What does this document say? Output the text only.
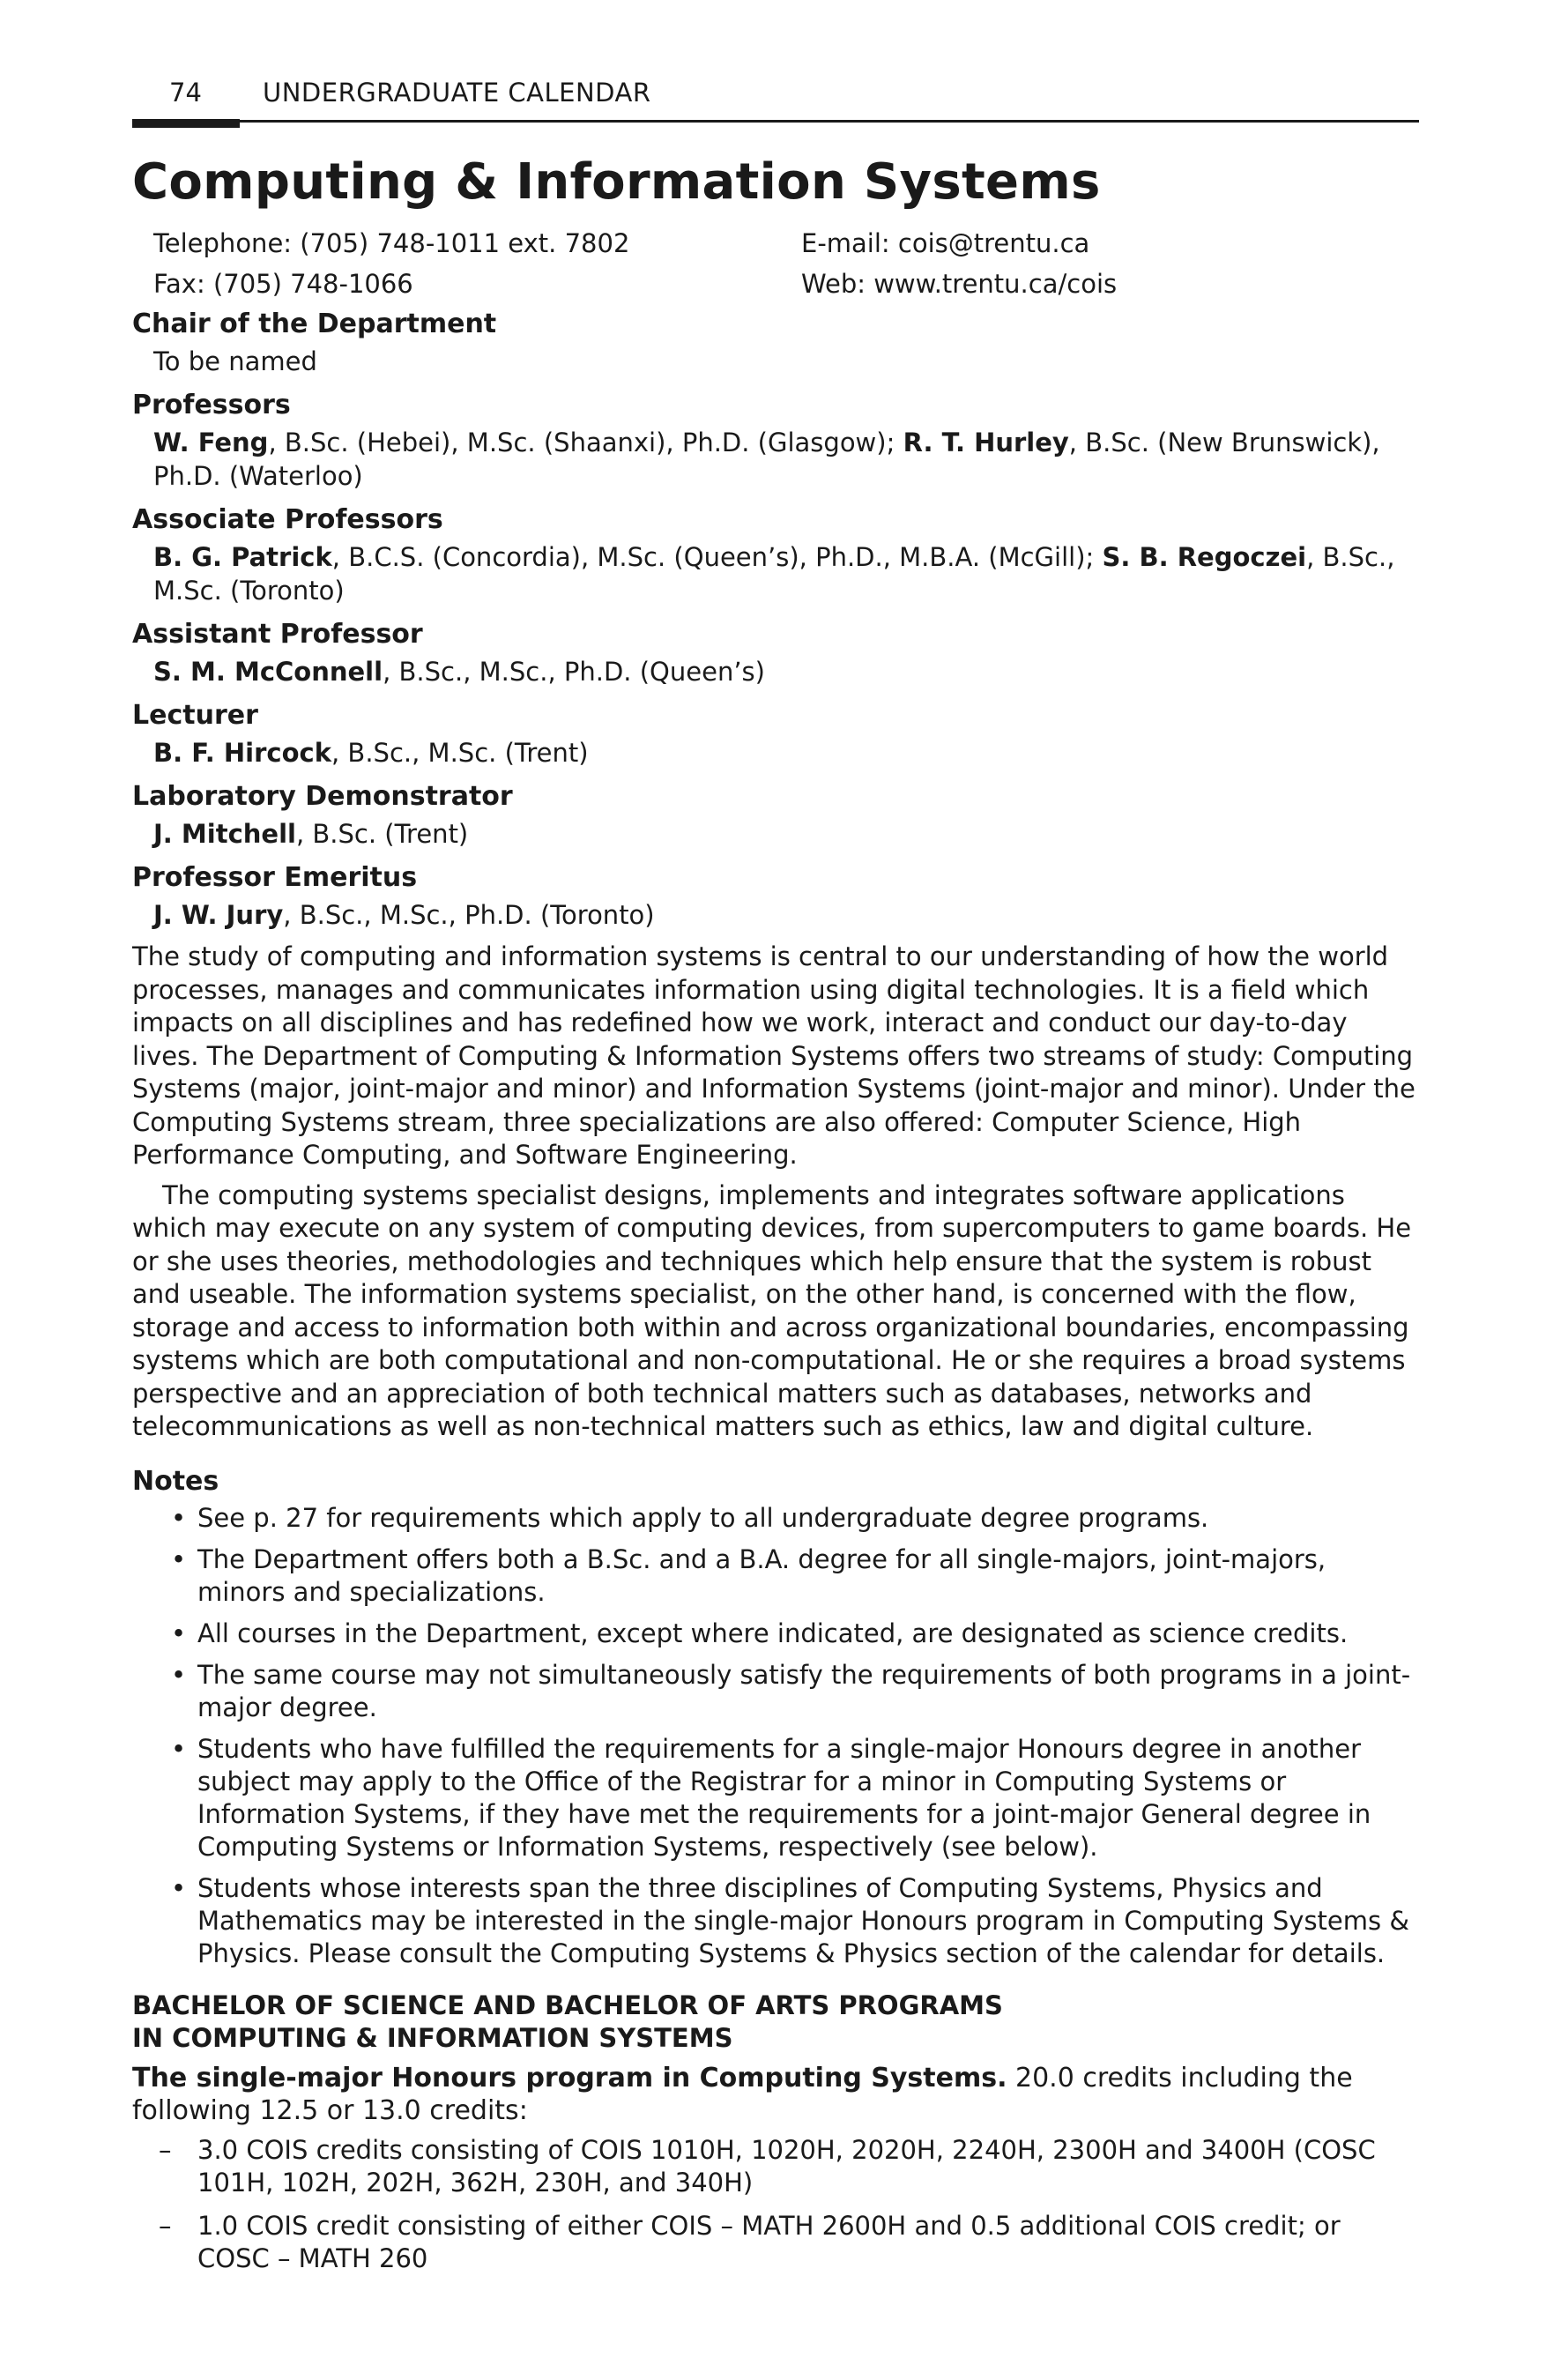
74 UNDERGRADUATE CALENDAR
Computing & Information Systems
Telephone: (705) 748-1011 ext. 7802	E-mail: cois@trentu.ca
Fax: (705) 748-1066	Web: www.trentu.ca/cois
Chair of the Department
To be named
Professors
W. Feng, B.Sc. (Hebei), M.Sc. (Shaanxi), Ph.D. (Glasgow); R. T. Hurley, B.Sc. (New Brunswick), Ph.D. (Waterloo)
Associate Professors
B. G. Patrick, B.C.S. (Concordia), M.Sc. (Queen’s), Ph.D., M.B.A. (McGill); S. B. Regoczei, B.Sc., M.Sc. (Toronto)
Assistant Professor
S. M. McConnell, B.Sc., M.Sc., Ph.D. (Queen’s)
Lecturer
B. F. Hircock, B.Sc., M.Sc. (Trent)
Laboratory Demonstrator
J. Mitchell, B.Sc. (Trent)
Professor Emeritus
J. W. Jury, B.Sc., M.Sc., Ph.D. (Toronto)

The study of computing and information systems is central to our understanding of how the world processes, manages and communicates information using digital technologies. It is a field which impacts on all disciplines and has redefined how we work, interact and conduct our day-to-day lives. The Department of Computing & Information Systems offers two streams of study: Computing Systems (major, joint-major and minor) and Information Systems (joint-major and minor). Under the Computing Systems stream, three specializations are also offered: Computer Science, High Performance Computing, and Software Engineering.

The computing systems specialist designs, implements and integrates software applications which may execute on any system of computing devices, from supercomputers to game boards. He or she uses theories, methodologies and techniques which help ensure that the system is robust and useable. The information systems specialist, on the other hand, is concerned with the flow, storage and access to information both within and across organizational boundaries, encompassing systems which are both computational and non-computational. He or she requires a broad systems perspective and an appreciation of both technical matters such as databases, networks and telecommunications as well as non-technical matters such as ethics, law and digital culture.

Notes
• See p. 27 for requirements which apply to all undergraduate degree programs.
• The Department offers both a B.Sc. and a B.A. degree for all single-majors, joint-majors, minors and specializations.
• All courses in the Department, except where indicated, are designated as science credits.
• The same course may not simultaneously satisfy the requirements of both programs in a joint-major degree.
• Students who have fulfilled the requirements for a single-major Honours degree in another subject may apply to the Office of the Registrar for a minor in Computing Systems or Information Systems, if they have met the requirements for a joint-major General degree in Computing Systems or Information Systems, respectively (see below).
• Students whose interests span the three disciplines of Computing Systems, Physics and Mathematics may be interested in the single-major Honours program in Computing Systems & Physics. Please consult the Computing Systems & Physics section of the calendar for details.
BACHELOR OF SCIENCE AND BACHELOR OF ARTS PROGRAMS
IN COMPUTING & INFORMATION SYSTEMS
The single-major Honours program in Computing Systems. 20.0 credits including the following 12.5 or 13.0 credits:
– 3.0 COIS credits consisting of COIS 1010H, 1020H, 2020H, 2240H, 2300H and 3400H (COSC 101H, 102H, 202H, 362H, 230H, and 340H)
– 1.0 COIS credit consisting of either COIS – MATH 2600H and 0.5 additional COIS credit; or COSC – MATH 260
